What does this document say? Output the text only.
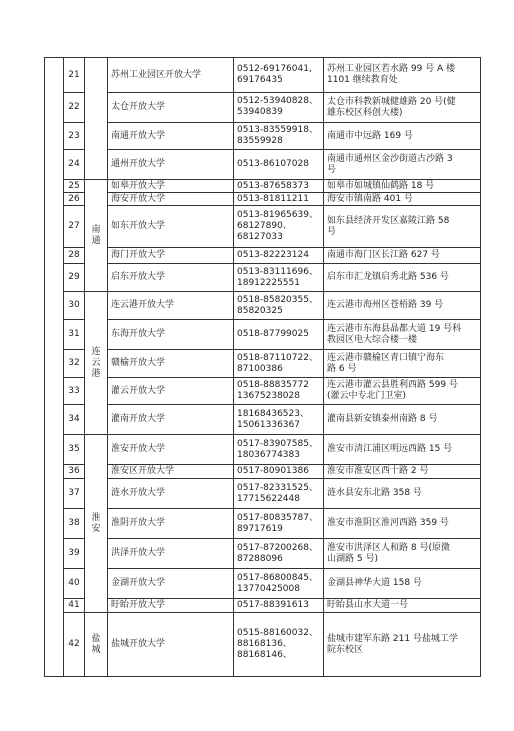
	21		苏州工业园区开放大学	0512-69176041,
69176435	苏州工业园区若水路 99 号 A 楼
1101 继续教育处
	22		太仓开放大学	0512-53940828、
53940839	太仓市科教新城健雄路 20 号(健
雄东校区科创大楼)
	23		南通开放大学	0513-83559918、
83559928	南通市中远路 169 号
	24		通州开放大学	0513-86107028	南通市通州区金沙街道古沙路 3
号
	25	南通	如皋开放大学	0513-87658373	如皋市如城镇仙鹤路 18 号
	26		海安开放大学	0513-81811211	海安市镇南路 401 号
	27		如东开放大学	0513-81965639、
68127890、
68127033	如东县经济开发区嘉陵江路 58
号
	28		海门开放大学	0513-82223124	南通市海门区长江路 627 号
	29		启东开放大学	0513-83111696、
18912225551	启东市汇龙镇启秀北路 536 号
	30	连
云
港	连云港开放大学	0518-85820355、
85820325	连云港市海州区苍梧路 39 号
	31		东海开放大学	0518-87799025	连云港市东海县晶都大道 19 号科
教园区电大综合楼一楼
	32		赣榆开放大学	0518-87110722、
87100386	连云港市赣榆区青口镇宁海东
路 6 号
	33		灌云开放大学	0518-88835772
13675238028	连云港市灌云县胜利西路 599 号
(灌云中专北门卫室)
	34		灌南开放大学	18168436523、
15061336367	灌南县新安镇泰州南路 8 号
	35	淮安	淮安开放大学	0517-83907585、
18036774383	淮安市清江浦区明远西路 15 号
	36		淮安区开放大学	0517-80901386	淮安市淮安区西十路 2 号
	37		涟水开放大学	0517-82331525、
17715622448	涟水县安东北路 358 号
	38		淮阴开放大学	0517-80835787、
89717619	淮安市淮阴区淮河西路 359 号
	39		洪泽开放大学	0517-87200268、
87288096	淮安市洪泽区人和路 8 号(原微
山湖路 5 号)
	40		金湖开放大学	0517-86800845、
13770425008	金湖县神华大道 158 号
	41		盱眙开放大学	0517-88391613	盱眙县山水大道一号
	42	盐城	盐城开放大学	0515-88160032、
88168136、
88168146、	盐城市建军东路 211 号盐城工学
院东校区
